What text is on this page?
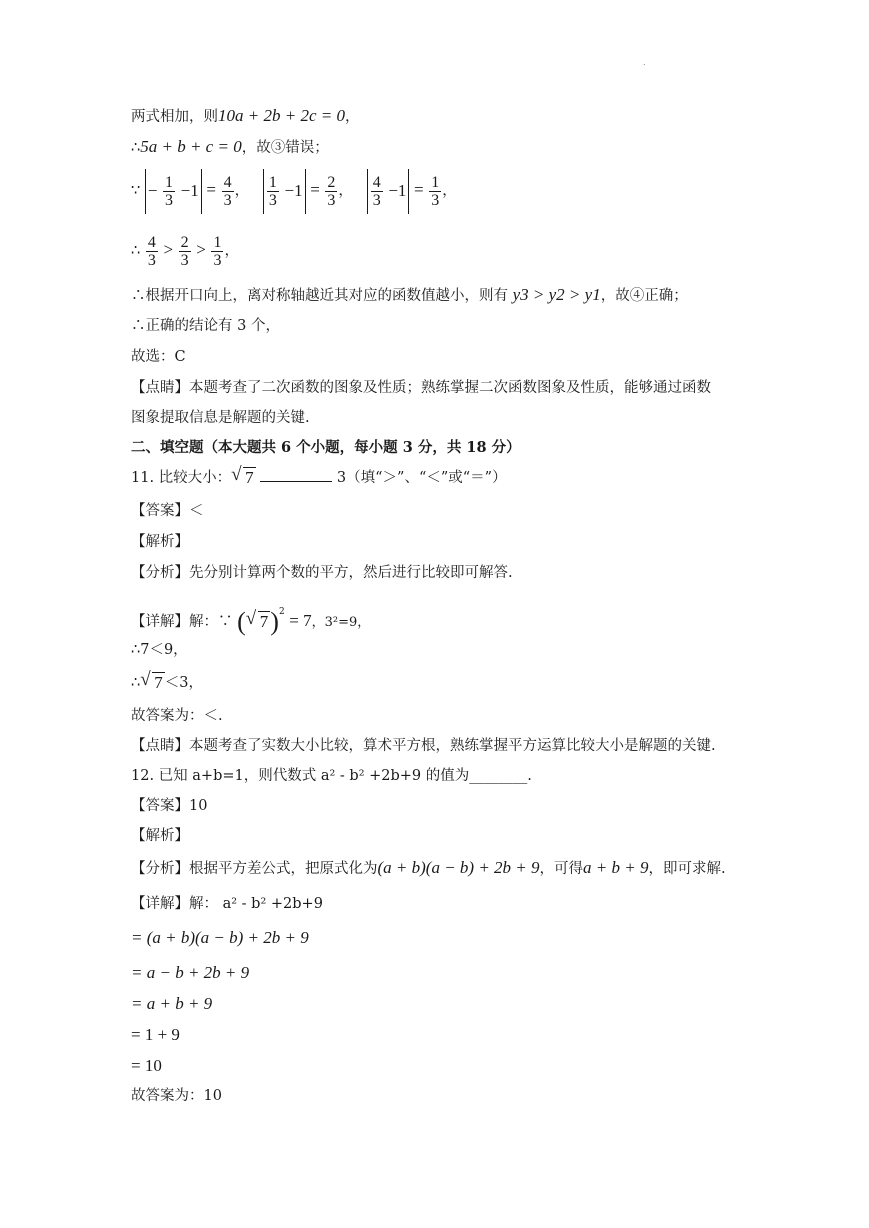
.
两式相加，则10a + 2b + 2c = 0，
∴5a + b + c = 0，故③错误；
∵ − $\frac{1}{3} -1 = \frac{4}{3}$ ， $\frac{1}{3} -1 = \frac{2}{3}$ ， $\frac{4}{3} -1 = \frac{1}{3}$ ，
∴ $\frac{4}{3} > \frac{2}{3} > \frac{1}{3}$ ，
∴根据开口向上，离对称轴越近其对应的函数值越小，则有 y3 > y2 > y1，故④正确；
∴正确的结论有 3 个，
故选：C
【点睛】本题考查了二次函数的图象及性质；熟练掌握二次函数图象及性质，能够通过函数
图象提取信息是解题的关键.
二、填空题（本大题共 6 个小题，每小题 3 分，共 18 分）
11. 比较大小： √ 7	3（填“＞”、“＜”或“＝”）
【答案】＜
【解析】
【分析】先分别计算两个数的平方，然后进行比较即可解答.
【详解】解：∵ ( √ 7)$^2$ = 7，3²=9，
∴7＜9，
∴ √ 7 ＜3，
故答案为：＜.
【点睛】本题考查了实数大小比较，算术平方根，熟练掌握平方运算比较大小是解题的关键.
12. 已知 a+b=1，则代数式 a² - b² +2b+9 的值为________.
【答案】10
【解析】
【分析】根据平方差公式，把原式化为(a + b)(a − b) + 2b + 9，可得a + b + 9，即可求解.
【详解】解： a² - b² +2b+9
= (a + b)(a − b) + 2b + 9
= a − b + 2b + 9
= a + b + 9
= 1 + 9
= 10
故答案为：10
